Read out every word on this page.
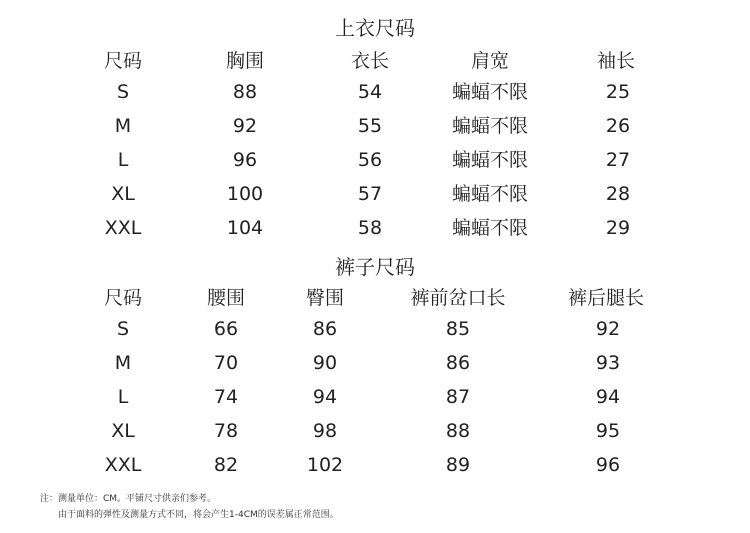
上衣尺码
尺码	胸围	衣长	肩宽	袖长
S	88	54	蝙蝠不限	25
M	92	55	蝙蝠不限	26
L	96	56	蝙蝠不限	27
XL	100	57	蝙蝠不限	28
XXL	104	58	蝙蝠不限	29
裤子尺码
尺码	腰围	臀围	裤前岔口长	裤后腿长
S	66	86	85	92
M	70	90	86	93
L	74	94	87	94
XL	78	98	88	95
XXL	82	102	89	96
注：测量单位：CM。平铺尺寸供亲们参考。
由于面料的弹性及测量方式不同，将会产生1-4CM的误差属正常范围。
